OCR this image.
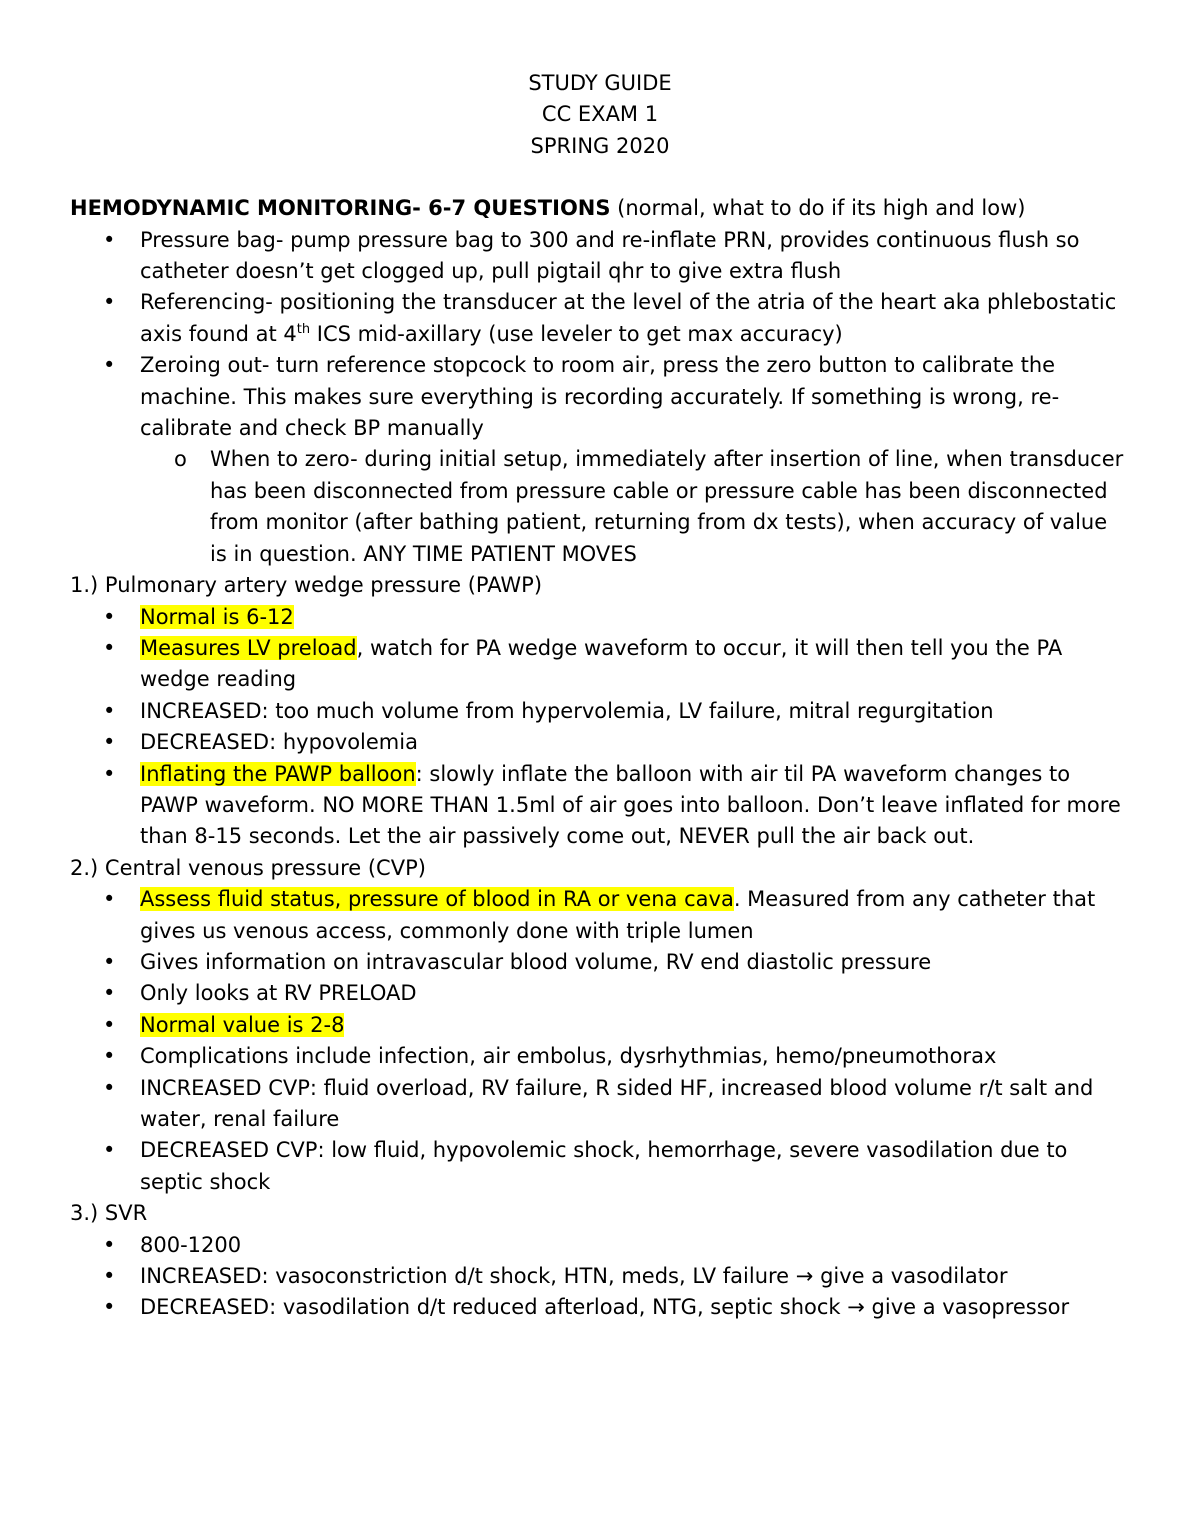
STUDY GUIDE

CC EXAM 1

SPRING 2020

HEMODYNAMIC MONITORING- 6-7 QUESTIONS (normal, what to do if its high and low)

• Pressure bag- pump pressure bag to 300 and re-inflate PRN, provides continuous flush so catheter doesn’t get clogged up, pull pigtail qhr to give extra flush
• Referencing- positioning the transducer at the level of the atria of the heart aka phlebostatic axis found at 4th ICS mid-axillary (use leveler to get max accuracy)
• Zeroing out- turn reference stopcock to room air, press the zero button to calibrate the machine. This makes sure everything is recording accurately. If something is wrong, re-calibrate and check BP manually
o When to zero- during initial setup, immediately after insertion of line, when transducer has been disconnected from pressure cable or pressure cable has been disconnected from monitor (after bathing patient, returning from dx tests), when accuracy of value is in question. ANY TIME PATIENT MOVES

1.) Pulmonary artery wedge pressure (PAWP)

• Normal is 6-12
• Measures LV preload, watch for PA wedge waveform to occur, it will then tell you the PA wedge reading
• INCREASED: too much volume from hypervolemia, LV failure, mitral regurgitation
• DECREASED: hypovolemia
• Inflating the PAWP balloon: slowly inflate the balloon with air til PA waveform changes to PAWP waveform. NO MORE THAN 1.5ml of air goes into balloon. Don’t leave inflated for more than 8-15 seconds. Let the air passively come out, NEVER pull the air back out.

2.) Central venous pressure (CVP)

• Assess fluid status, pressure of blood in RA or vena cava. Measured from any catheter that gives us venous access, commonly done with triple lumen
• Gives information on intravascular blood volume, RV end diastolic pressure
• Only looks at RV PRELOAD
• Normal value is 2-8
• Complications include infection, air embolus, dysrhythmias, hemo/pneumothorax
• INCREASED CVP: fluid overload, RV failure, R sided HF, increased blood volume r/t salt and water, renal failure
• DECREASED CVP: low fluid, hypovolemic shock, hemorrhage, severe vasodilation due to septic shock

3.) SVR

• 800-1200
• INCREASED: vasoconstriction d/t shock, HTN, meds, LV failure → give a vasodilator
• DECREASED: vasodilation d/t reduced afterload, NTG, septic shock → give a vasopressor
